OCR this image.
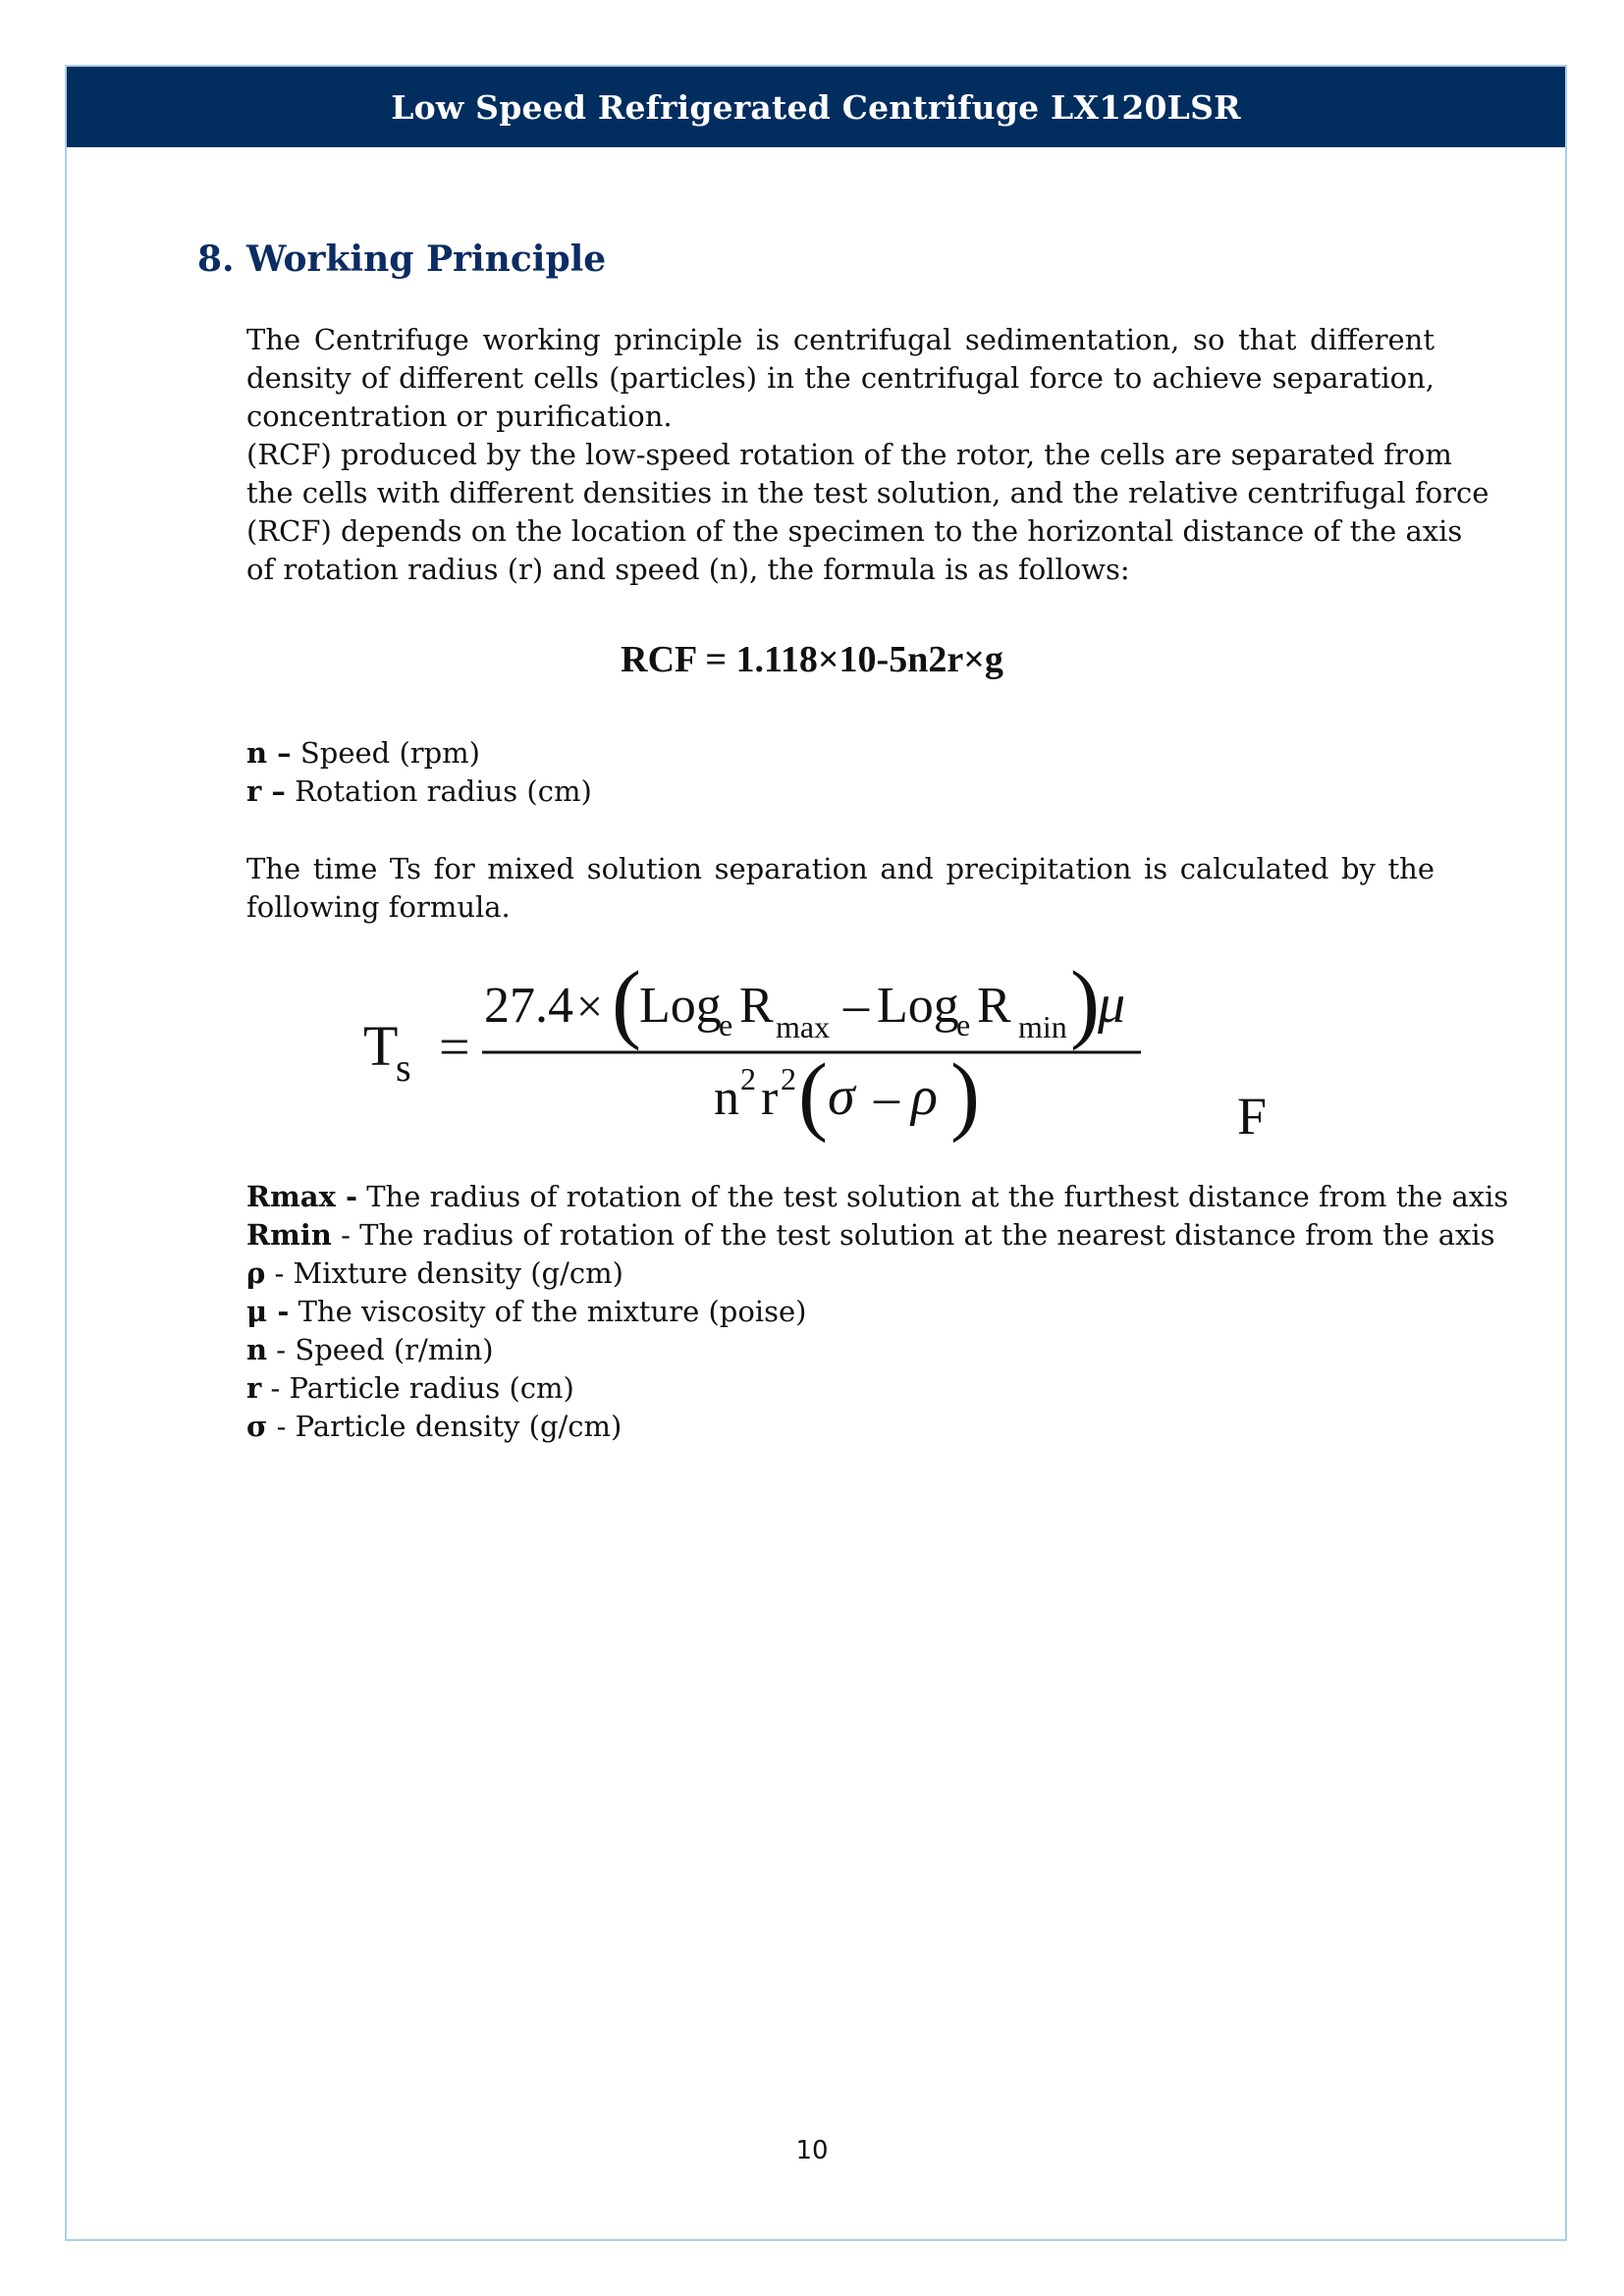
Low Speed Refrigerated Centrifuge LX120LSR
8. Working Principle
The Centrifuge working principle is centrifugal sedimentation, so that different
density of different cells (particles) in the centrifugal force to achieve separation,
concentration or purification.
(RCF) produced by the low-speed rotation of the rotor, the cells are separated from
the cells with different densities in the test solution, and the relative centrifugal force
(RCF) depends on the location of the specimen to the horizontal distance of the axis
of rotation radius (r) and speed (n), the formula is as follows:
RCF = 1.118×10-5n2r×g
n – Speed (rpm)
r – Rotation radius (cm)
The time Ts for mixed solution separation and precipitation is calculated by the
following formula.
T
s =
27.4 × (
Log
e R max – Log
e R min )
μ
n 2 r 2 ( σ – ρ )	F
Rmax - The radius of rotation of the test solution at the furthest distance from the axis
Rmin - The radius of rotation of the test solution at the nearest distance from the axis
ρ - Mixture density (g/cm)
μ - The viscosity of the mixture (poise)
n - Speed (r/min)
r - Particle radius (cm)
σ - Particle density (g/cm)
10
